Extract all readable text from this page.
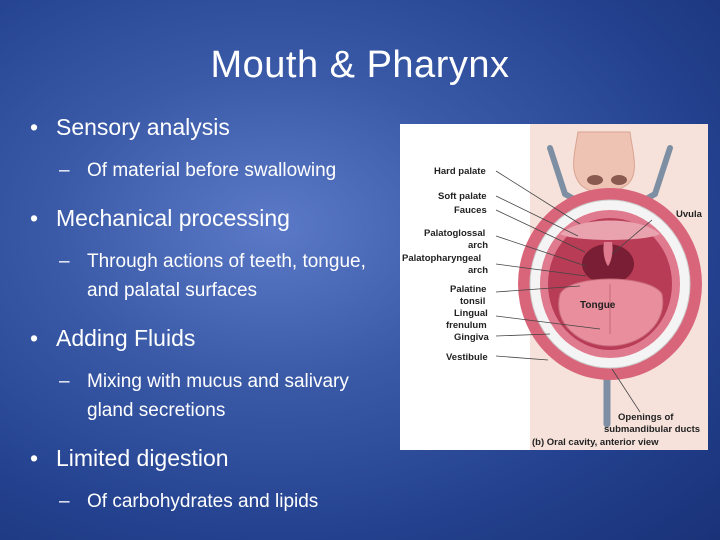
Mouth & Pharynx
• Sensory analysis
– Of material before swallowing
• Mechanical processing
– Through actions of teeth, tongue, and palatal surfaces
• Adding Fluids
– Mixing with mucus and salivary gland secretions
• Limited digestion
– Of carbohydrates and lipids
Hard palate
Soft palate
Fauces	Uvula
Palatoglossal
arch
Palatopharyngeal
arch
Palatine
tonsil	Tongue
Lingual
frenulum
Gingiva
Vestibule
Openings of
submandibular ducts
(b) Oral cavity, anterior view
